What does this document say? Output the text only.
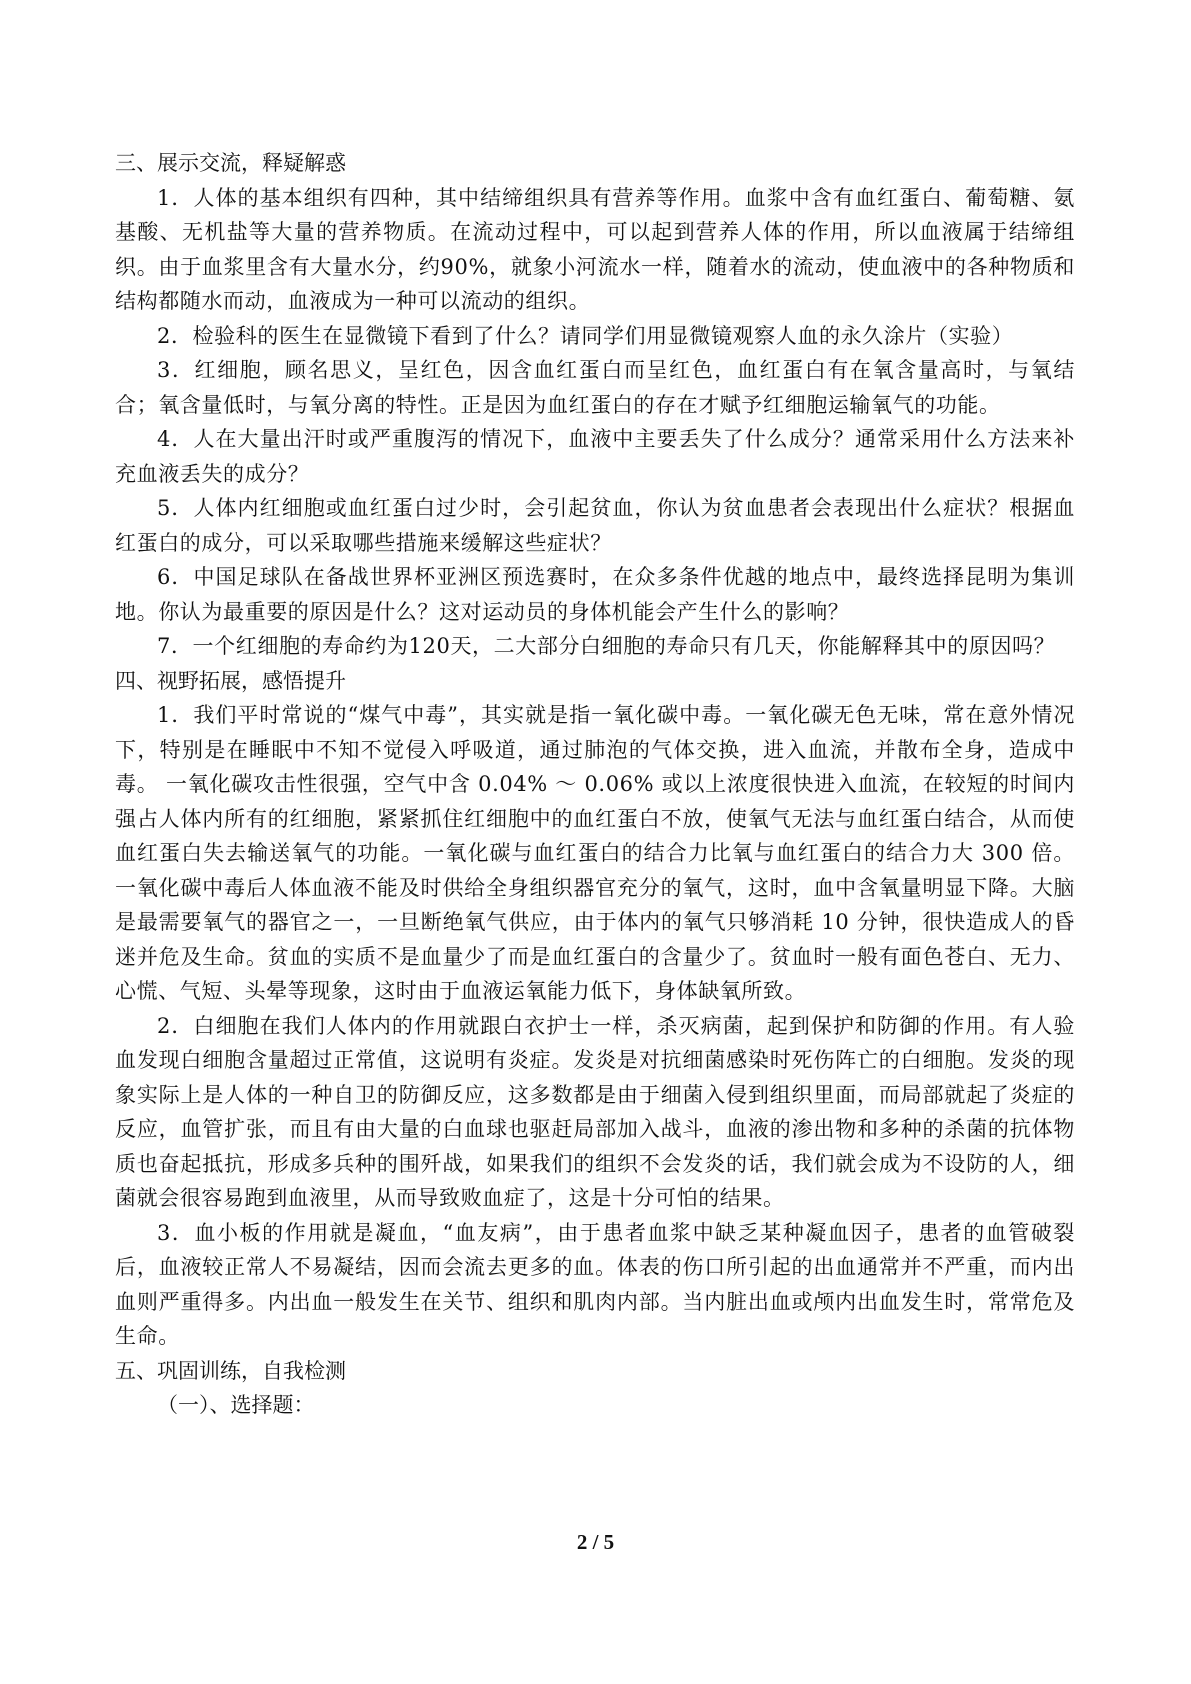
三、展示交流，释疑解惑

1．人体的基本组织有四种，其中结缔组织具有营养等作用。血浆中含有血红蛋白、葡萄糖、氨基酸、无机盐等大量的营养物质。在流动过程中，可以起到营养人体的作用，所以血液属于结缔组织。由于血浆里含有大量水分，约90%，就象小河流水一样，随着水的流动，使血液中的各种物质和结构都随水而动，血液成为一种可以流动的组织。

2．检验科的医生在显微镜下看到了什么？请同学们用显微镜观察人血的永久涂片（实验）

3．红细胞，顾名思义，呈红色，因含血红蛋白而呈红色，血红蛋白有在氧含量高时，与氧结合；氧含量低时，与氧分离的特性。正是因为血红蛋白的存在才赋予红细胞运输氧气的功能。

4．人在大量出汗时或严重腹泻的情况下，血液中主要丢失了什么成分？通常采用什么方法来补充血液丢失的成分？

5．人体内红细胞或血红蛋白过少时，会引起贫血，你认为贫血患者会表现出什么症状？根据血红蛋白的成分，可以采取哪些措施来缓解这些症状？

6．中国足球队在备战世界杯亚洲区预选赛时，在众多条件优越的地点中，最终选择昆明为集训地。你认为最重要的原因是什么？这对运动员的身体机能会产生什么的影响？

7．一个红细胞的寿命约为120天，二大部分白细胞的寿命只有几天，你能解释其中的原因吗？

四、视野拓展，感悟提升

1．我们平时常说的“煤气中毒”，其实就是指一氧化碳中毒。一氧化碳无色无味，常在意外情况下，特别是在睡眠中不知不觉侵入呼吸道，通过肺泡的气体交换，进入血流，并散布全身，造成中毒。 一氧化碳攻击性很强，空气中含 0.04% ～ 0.06% 或以上浓度很快进入血流，在较短的时间内强占人体内所有的红细胞，紧紧抓住红细胞中的血红蛋白不放，使氧气无法与血红蛋白结合，从而使血红蛋白失去输送氧气的功能。一氧化碳与血红蛋白的结合力比氧与血红蛋白的结合力大 300 倍。一氧化碳中毒后人体血液不能及时供给全身组织器官充分的氧气，这时，血中含氧量明显下降。大脑是最需要氧气的器官之一，一旦断绝氧气供应，由于体内的氧气只够消耗 10 分钟，很快造成人的昏迷并危及生命。贫血的实质不是血量少了而是血红蛋白的含量少了。贫血时一般有面色苍白、无力、心慌、气短、头晕等现象，这时由于血液运氧能力低下，身体缺氧所致。

2．白细胞在我们人体内的作用就跟白衣护士一样，杀灭病菌，起到保护和防御的作用。有人验血发现白细胞含量超过正常值，这说明有炎症。发炎是对抗细菌感染时死伤阵亡的白细胞。发炎的现象实际上是人体的一种自卫的防御反应，这多数都是由于细菌入侵到组织里面，而局部就起了炎症的反应，血管扩张，而且有由大量的白血球也驱赶局部加入战斗，血液的渗出物和多种的杀菌的抗体物质也奋起抵抗，形成多兵种的围歼战，如果我们的组织不会发炎的话，我们就会成为不设防的人，细菌就会很容易跑到血液里，从而导致败血症了，这是十分可怕的结果。

3．血小板的作用就是凝血，“血友病”，由于患者血浆中缺乏某种凝血因子，患者的血管破裂后，血液较正常人不易凝结，因而会流去更多的血。体表的伤口所引起的出血通常并不严重，而内出血则严重得多。内出血一般发生在关节、组织和肌肉内部。当内脏出血或颅内出血发生时，常常危及生命。

五、巩固训练，自我检测

（一）、选择题：

2 / 5
